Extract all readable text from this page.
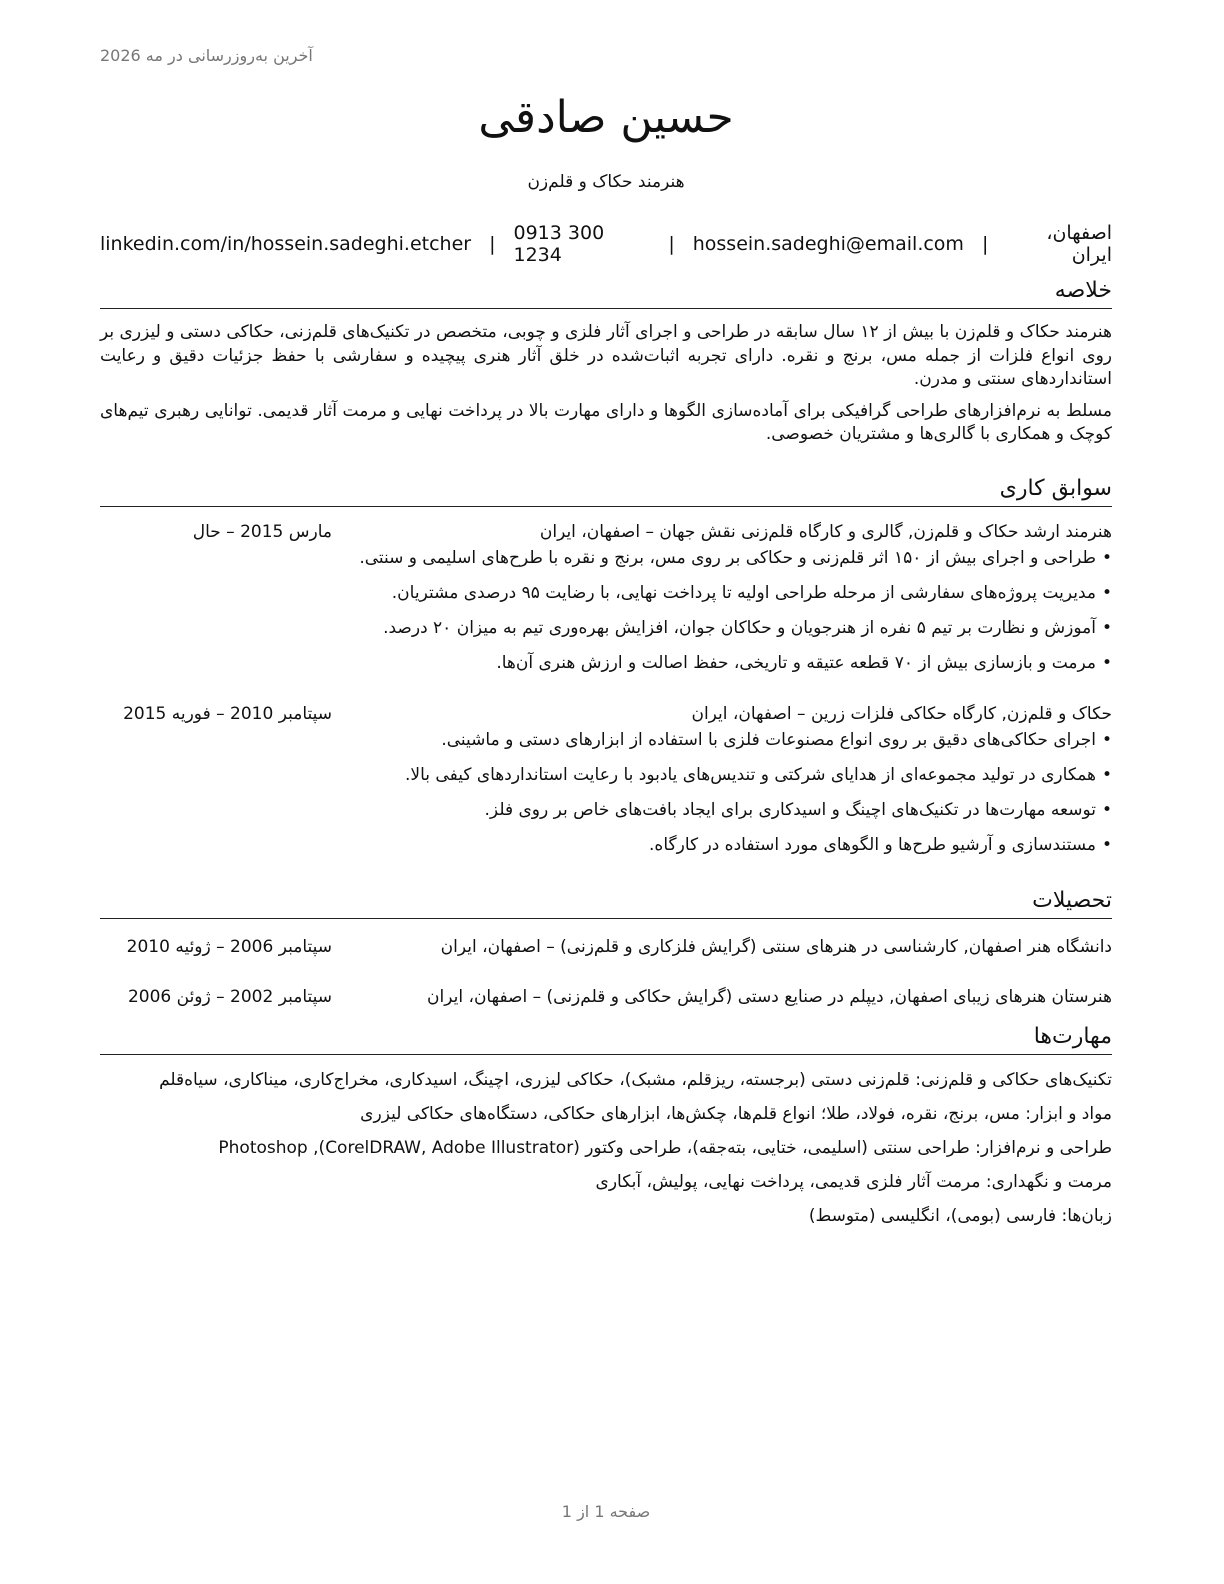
آخرین به‌روزرسانی در مه 2026
حسین صادقی
هنرمند حکاک و قلم‌زن
اصفهان، ایران
|
hossein.sadeghi@email.com
|
0913 300 1234
|
linkedin.com/in/hossein.sadeghi.etcher
خلاصه

هنرمند حکاک و قلم‌زن با بیش از ۱۲ سال سابقه در طراحی و اجرای آثار فلزی و چوبی، متخصص در تکنیک‌های قلم‌زنی، حکاکی دستی و لیزری بر روی انواع فلزات از جمله مس، برنج و نقره. دارای تجربه اثبات‌شده در خلق آثار هنری پیچیده و سفارشی با حفظ جزئیات دقیق و رعایت استانداردهای سنتی و مدرن.

مسلط به نرم‌افزارهای طراحی گرافیکی برای آماده‌سازی الگوها و دارای مهارت بالا در پرداخت نهایی و مرمت آثار قدیمی. توانایی رهبری تیم‌های کوچک و همکاری با گالری‌ها و مشتریان خصوصی.

سوابق کاری
هنرمند ارشد حکاک و قلم‌زن, گالری و کارگاه قلم‌زنی نقش جهان – اصفهان، ایران
مارس 2015 – حال
•
طراحی و اجرای بیش از ۱۵۰ اثر قلم‌زنی و حکاکی بر روی مس، برنج و نقره با طرح‌های اسلیمی و سنتی.
•
مدیریت پروژه‌های سفارشی از مرحله طراحی اولیه تا پرداخت نهایی، با رضایت ۹۵ درصدی مشتریان.
•
آموزش و نظارت بر تیم ۵ نفره از هنرجویان و حکاکان جوان، افزایش بهره‌وری تیم به میزان ۲۰ درصد.
•
مرمت و بازسازی بیش از ۷۰ قطعه عتیقه و تاریخی، حفظ اصالت و ارزش هنری آن‌ها.
حکاک و قلم‌زن, کارگاه حکاکی فلزات زرین – اصفهان، ایران
سپتامبر 2010 – فوریه 2015
•
اجرای حکاکی‌های دقیق بر روی انواع مصنوعات فلزی با استفاده از ابزارهای دستی و ماشینی.
•
همکاری در تولید مجموعه‌ای از هدایای شرکتی و تندیس‌های یادبود با رعایت استانداردهای کیفی بالا.
•
توسعه مهارت‌ها در تکنیک‌های اچینگ و اسیدکاری برای ایجاد بافت‌های خاص بر روی فلز.
•
مستندسازی و آرشیو طرح‌ها و الگوهای مورد استفاده در کارگاه.
تحصیلات
دانشگاه هنر اصفهان, کارشناسی در هنرهای سنتی (گرایش فلزکاری و قلم‌زنی) – اصفهان، ایران
سپتامبر 2006 – ژوئیه 2010
هنرستان هنرهای زیبای اصفهان, دیپلم در صنایع دستی (گرایش حکاکی و قلم‌زنی) – اصفهان، ایران
سپتامبر 2002 – ژوئن 2006
مهارت‌ها
تکنیک‌های حکاکی و قلم‌زنی: قلم‌زنی دستی (برجسته، ریزقلم، مشبک)، حکاکی لیزری، اچینگ، اسیدکاری، مخراج‌کاری، میناکاری، سیاه‌قلم
مواد و ابزار: مس، برنج، نقره، فولاد، طلا؛ انواع قلم‌ها، چکش‌ها، ابزارهای حکاکی، دستگاه‌های حکاکی لیزری
طراحی و نرم‌افزار: طراحی سنتی (اسلیمی، ختایی، بته‌جقه)، طراحی وکتور (CorelDRAW, Adobe Illustrator), Photoshop
مرمت و نگهداری: مرمت آثار فلزی قدیمی، پرداخت نهایی، پولیش، آبکاری
زبان‌ها: فارسی (بومی)، انگلیسی (متوسط)
صفحه 1 از 1
